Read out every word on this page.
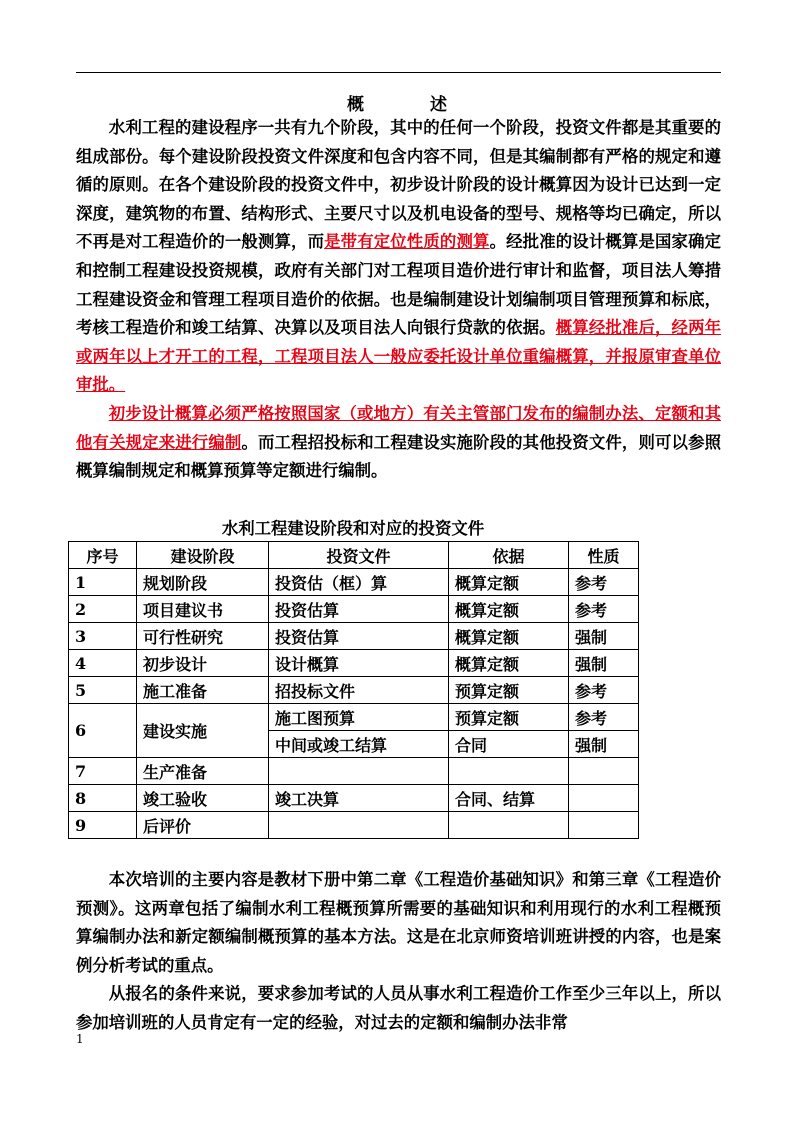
概 述

水利工程的建设程序一共有九个阶段，其中的任何一个阶段，投资文件都是其重要的组成部份。每个建设阶段投资文件深度和包含内容不同，但是其编制都有严格的规定和遵循的原则。在各个建设阶段的投资文件中，初步设计阶段的设计概算因为设计已达到一定深度，建筑物的布置、结构形式、主要尺寸以及机电设备的型号、规格等均已确定，所以不再是对工程造价的一般测算，而是带有定位性质的测算。经批准的设计概算是国家确定和控制工程建设投资规模，政府有关部门对工程项目造价进行审计和监督，项目法人筹措工程建设资金和管理工程项目造价的依据。也是编制建设计划编制项目管理预算和标底，考核工程造价和竣工结算、决算以及项目法人向银行贷款的依据。概算经批准后，经两年或两年以上才开工的工程，工程项目法人一般应委托设计单位重编概算，并报原审查单位审批。

初步设计概算必须严格按照国家（或地方）有关主管部门发布的编制办法、定额和其他有关规定来进行编制。而工程招投标和工程建设实施阶段的其他投资文件，则可以参照概算编制规定和概算预算等定额进行编制。

水利工程建设阶段和对应的投资文件
序号	建设阶段	投资文件	依据	性质
1	规划阶段	投资估（框）算	概算定额	参考
2	项目建议书	投资估算	概算定额	参考
3	可行性研究	投资估算	概算定额	强制
4	初步设计	设计概算	概算定额	强制
5	施工准备	招投标文件	预算定额	参考
6	建设实施	施工图预算	预算定额	参考
		中间或竣工结算	合同	强制
7	生产准备			
8	竣工验收	竣工决算	合同、结算	
9	后评价			

本次培训的主要内容是教材下册中第二章《工程造价基础知识》和第三章《工程造价预测》。这两章包括了编制水利工程概预算所需要的基础知识和利用现行的水利工程概预算编制办法和新定额编制概预算的基本方法。这是在北京师资培训班讲授的内容，也是案例分析考试的重点。

从报名的条件来说，要求参加考试的人员从事水利工程造价工作至少三年以上，所以参加培训班的人员肯定有一定的经验，对过去的定额和编制办法非常

1
